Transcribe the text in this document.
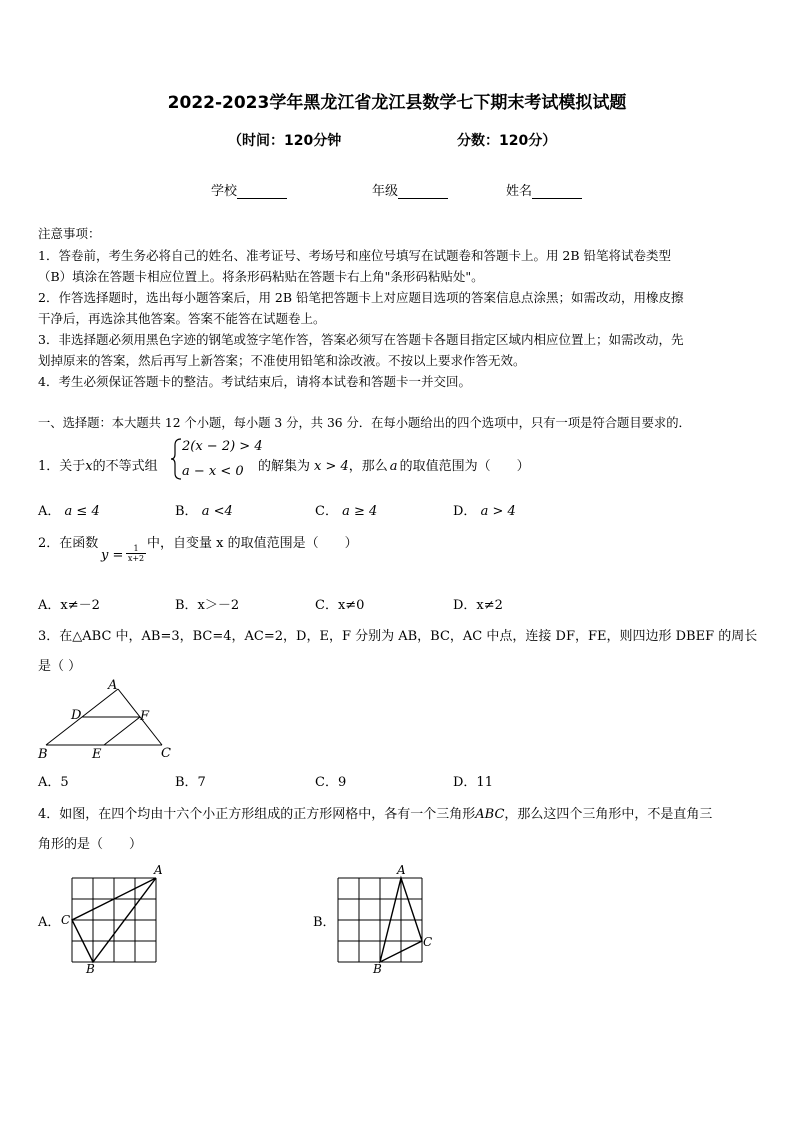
2022-2023学年黑龙江省龙江县数学七下期末考试模拟试题
（时间：120分钟	分数：120分）
学校	年级	姓名
注意事项：
1．答卷前，考生务必将自己的姓名、准考证号、考场号和座位号填写在试题卷和答题卡上。用 2B 铅笔将试卷类型
（B）填涂在答题卡相应位置上。将条形码粘贴在答题卡右上角"条形码粘贴处"。
2．作答选择题时，选出每小题答案后，用 2B 铅笔把答题卡上对应题目选项的答案信息点涂黑；如需改动，用橡皮擦
干净后，再选涂其他答案。答案不能答在试题卷上。
3．非选择题必须用黑色字迹的钢笔或签字笔作答，答案必须写在答题卡各题目指定区域内相应位置上；如需改动，先
划掉原来的答案，然后再写上新答案；不准使用铅笔和涂改液。不按以上要求作答无效。
4．考生必须保证答题卡的整洁。考试结束后，请将本试卷和答题卡一并交回。
一、选择题：本大题共 12 个小题，每小题 3 分，共 36 分．在每小题给出的四个选项中，只有一项是符合题目要求的．
1．关于x的不等式组
2(x − 2) > 4
a − x < 0 的解集为 x > 4，那么 a 的取值范围为（　　）
A． a ≤ 4	B． a <4	C． a ≥ 4	D． a > 4
2．在函数
$y = \frac{1}{x+2}$
中，自变量 x 的取值范围是（　　）
A．x≠－2	B．x＞－2	C．x≠0	D．x≠2
3．在△ABC 中，AB=3，BC=4，AC=2，D，E，F 分别为 AB，BC，AC 中点，连接 DF，FE，则四边形 DBEF 的周长
是（ ）
A
D	F
B	E	C
A．5	B．7	C．9	D．11
4．如图，在四个均由十六个小正方形组成的正方形网格中，各有一个三角形ABC，那么这四个三角形中，不是直角三
角形的是（　　）
A．
A
C
B
B．
A
C
B
